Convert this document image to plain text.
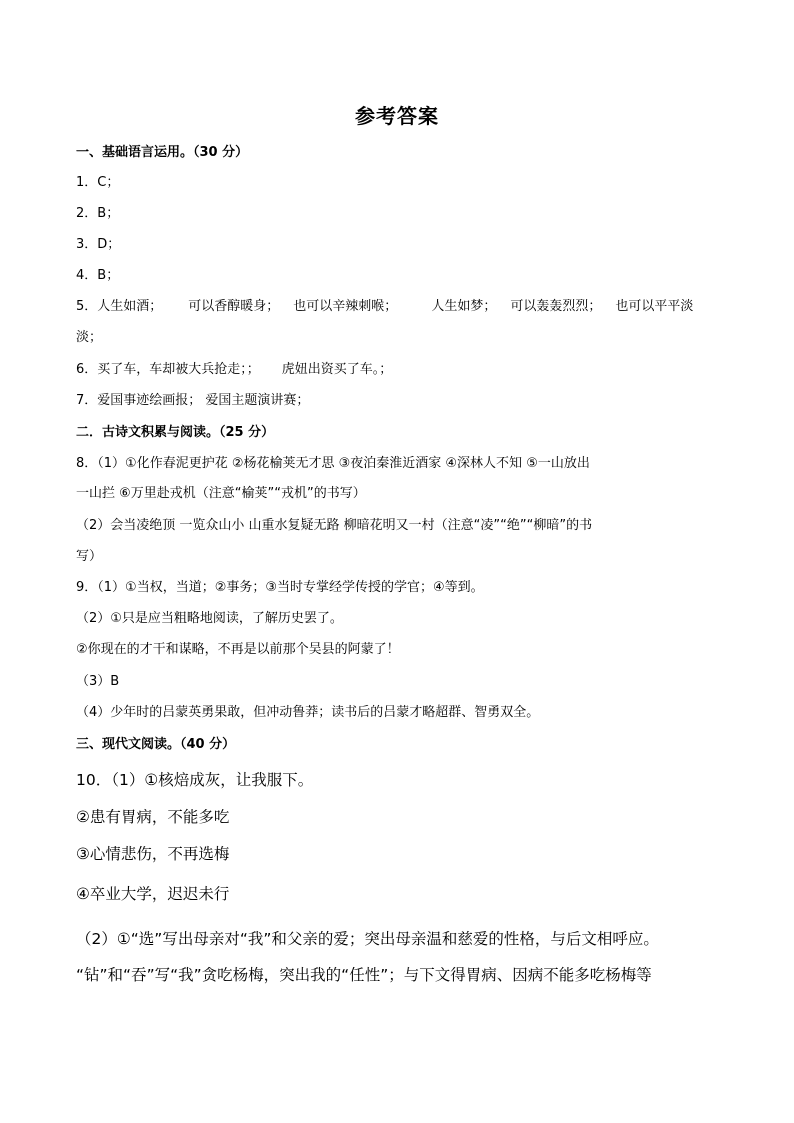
参考答案
一、基础语言运用。（30 分）
1．C；
2．B；
3．D；
4．B；
5．人生如酒； 可以香醇暖身； 也可以辛辣刺喉；	人生如梦； 可以轰轰烈烈； 也可以平平淡
淡；
6．买了车，车却被大兵抢走；； 虎妞出资买了车。；
7．爱国事迹绘画报； 爱国主题演讲赛；
二．古诗文积累与阅读。（25 分）
8．（1）①化作春泥更护花 ②杨花榆荚无才思 ③夜泊秦淮近酒家 ④深林人不知 ⑤一山放出
一山拦 ⑥万里赴戎机（注意“榆荚”“戎机”的书写）
（2）会当凌绝顶 一览众山小 山重水复疑无路 柳暗花明又一村（注意“凌”“绝”“柳暗”的书
写）
9．（1）①当权，当道；②事务；③当时专掌经学传授的学官；④等到。
（2）①只是应当粗略地阅读，了解历史罢了。
②你现在的才干和谋略，不再是以前那个吴县的阿蒙了！
（3）B
（4）少年时的吕蒙英勇果敢，但冲动鲁莽；读书后的吕蒙才略超群、智勇双全。
三、现代文阅读。（40 分）
10．（1）①核焙成灰，让我服下。
②患有胃病，不能多吃
③心情悲伤，不再选梅
④卒业大学，迟迟未行
（2）①“选”写出母亲对“我”和父亲的爱；突出母亲温和慈爱的性格，与后文相呼应。
“钻”和“吞”写“我”贪吃杨梅，突出我的“任性”；与下文得胃病、因病不能多吃杨梅等
